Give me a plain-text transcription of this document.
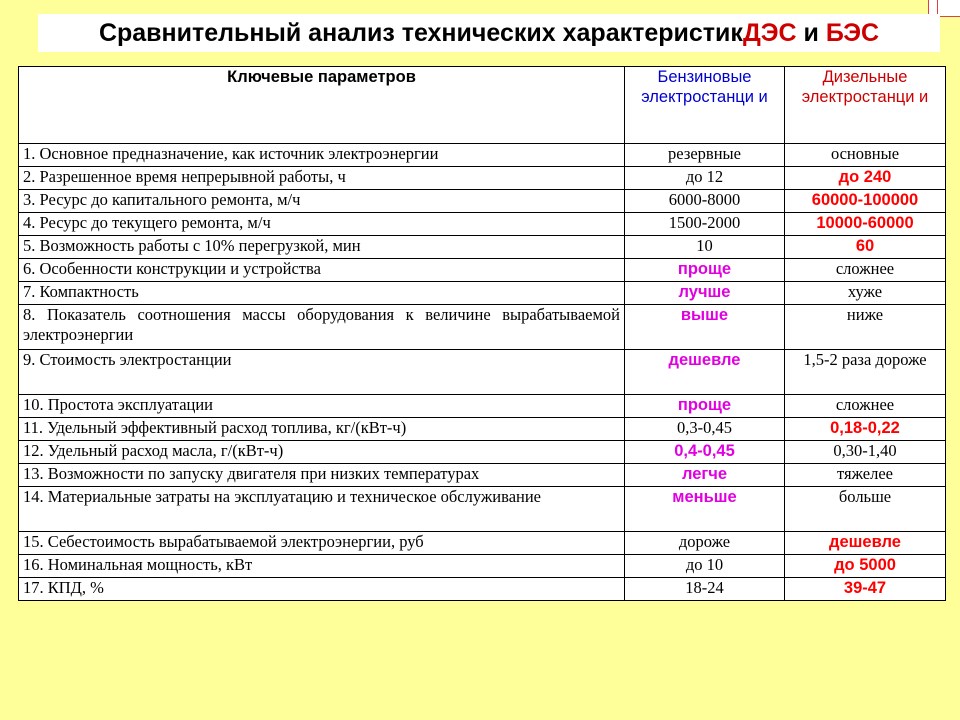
Сравнительный анализ технических характеристик ДЭС и БЭС
Ключевые параметров	Бензиновые электростанци и	Дизельные электростанци и
1. Основное предназначение, как источник электроэнергии	резервные	основные
2. Разрешенное время непрерывной работы, ч	до 12	до 240
3. Ресурс до капитального ремонта, м/ч	6000-8000	60000-100000
4. Ресурс до текущего ремонта, м/ч	1500-2000	10000-60000
5. Возможность работы с 10% перегрузкой, мин	10	60
6. Особенности конструкции и устройства	проще	сложнее
7. Компактность	лучше	хуже
8. Показатель соотношения массы оборудования к величине вырабатываемой электроэнергии	выше	ниже
9. Стоимость электростанции	дешевле	1,5-2 раза дороже
10. Простота эксплуатации	проще	сложнее
11. Удельный эффективный расход топлива, кг/(кВт-ч)	0,3-0,45	0,18-0,22
12. Удельный расход масла, г/(кВт-ч)	0,4-0,45	0,30-1,40
13. Возможности по запуску двигателя при низких температурах	легче	тяжелее
14. Материальные затраты на эксплуатацию и техническое обслуживание	меньше	больше
15. Себестоимость вырабатываемой электроэнергии, руб	дороже	дешевле
16. Номинальная мощность, кВт	до 10	до 5000
17. КПД, %	18-24	39-47
